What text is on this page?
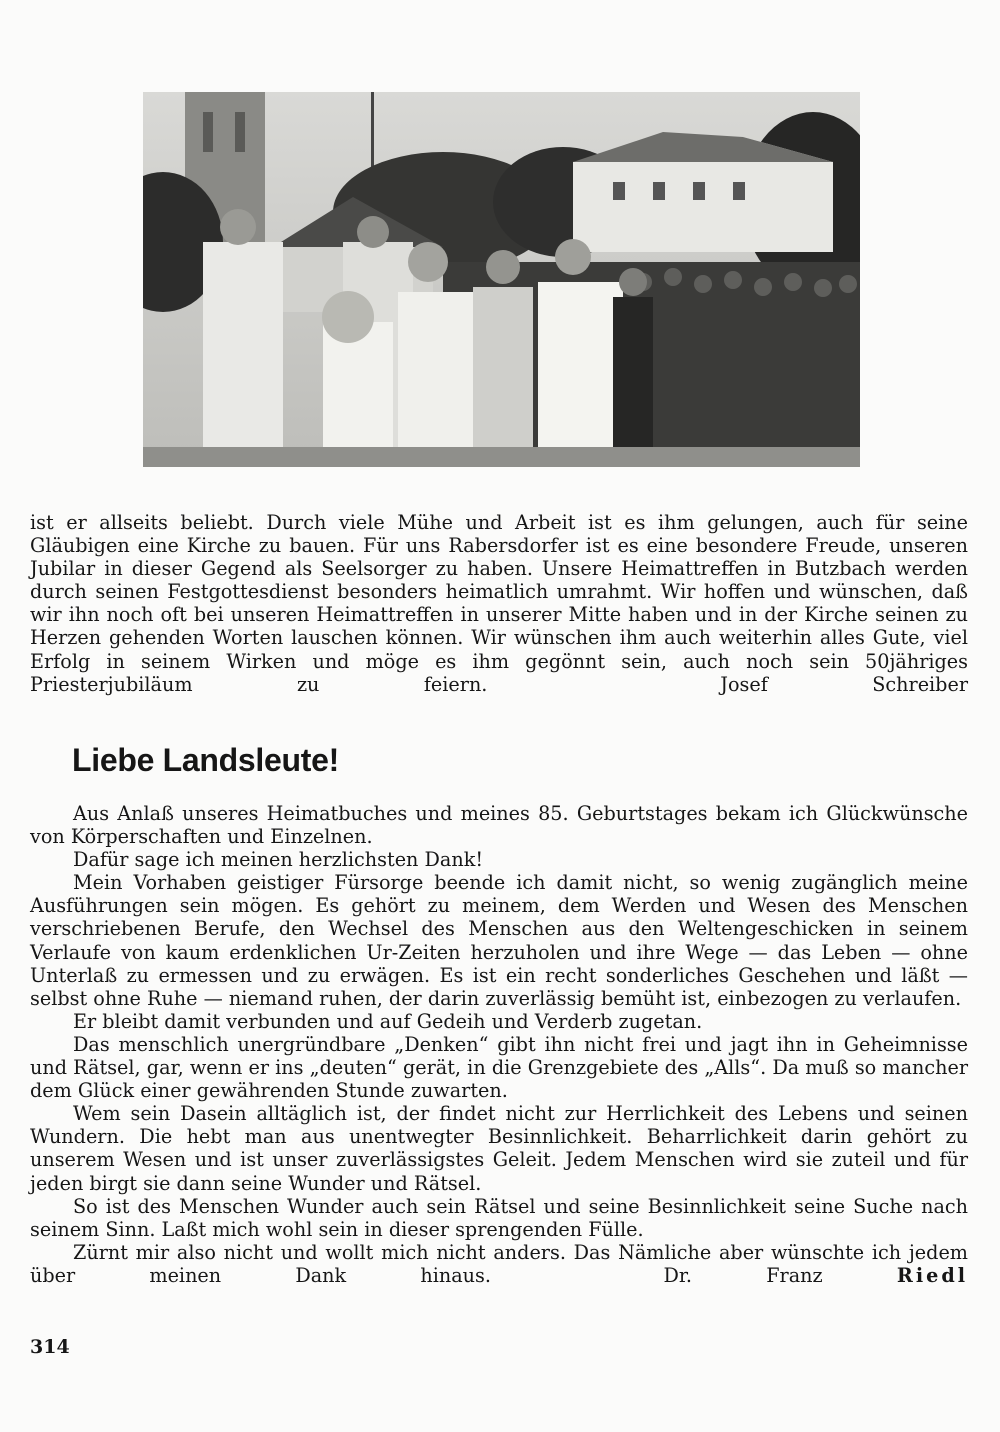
ist er allseits beliebt. Durch viele Mühe und Arbeit ist es ihm gelungen, auch für seine Gläubigen eine Kirche zu bauen. Für uns Rabersdorfer ist es eine besondere Freude, unseren Jubilar in dieser Gegend als Seelsorger zu haben. Unsere Heimattreffen in Butzbach werden durch seinen Festgottesdienst besonders heimatlich umrahmt. Wir hoffen und wünschen, daß wir ihn noch oft bei unseren Heimattreffen in unserer Mitte haben und in der Kirche seinen zu Herzen gehenden Worten lauschen können. Wir wünschen ihm auch weiterhin alles Gute, viel Erfolg in seinem Wirken und möge es ihm gegönnt sein, auch noch sein 50jähriges Priesterjubiläum zu feiern.	Josef Schreiber

Liebe Landsleute!

Aus Anlaß unseres Heimatbuches und meines 85. Geburtstages bekam ich Glückwünsche von Körperschaften und Einzelnen.

Dafür sage ich meinen herzlichsten Dank!

Mein Vorhaben geistiger Fürsorge beende ich damit nicht, so wenig zugänglich meine Ausführungen sein mögen. Es gehört zu meinem, dem Werden und Wesen des Menschen verschriebenen Berufe, den Wechsel des Menschen aus den Weltengeschicken in seinem Verlaufe von kaum erdenklichen Ur-Zeiten herzuholen und ihre Wege — das Leben — ohne Unterlaß zu ermessen und zu erwägen. Es ist ein recht sonderliches Geschehen und läßt — selbst ohne Ruhe — niemand ruhen, der darin zuverlässig bemüht ist, einbezogen zu verlaufen.

Er bleibt damit verbunden und auf Gedeih und Verderb zugetan.

Das menschlich unergründbare „Denken“ gibt ihn nicht frei und jagt ihn in Geheimnisse und Rätsel, gar, wenn er ins „deuten“ gerät, in die Grenzgebiete des „Alls“. Da muß so mancher dem Glück einer gewährenden Stunde zuwarten.

Wem sein Dasein alltäglich ist, der findet nicht zur Herrlichkeit des Lebens und seinen Wundern. Die hebt man aus unentwegter Besinnlichkeit. Beharrlichkeit darin gehört zu unserem Wesen und ist unser zuverlässigstes Geleit. Jedem Menschen wird sie zuteil und für jeden birgt sie dann seine Wunder und Rätsel.

So ist des Menschen Wunder auch sein Rätsel und seine Besinnlichkeit seine Suche nach seinem Sinn. Laßt mich wohl sein in dieser sprengenden Fülle.

Zürnt mir also nicht und wollt mich nicht anders. Das Nämliche aber wünschte ich jedem über meinen Dank hinaus.	Dr. Franz	Riedl

314
